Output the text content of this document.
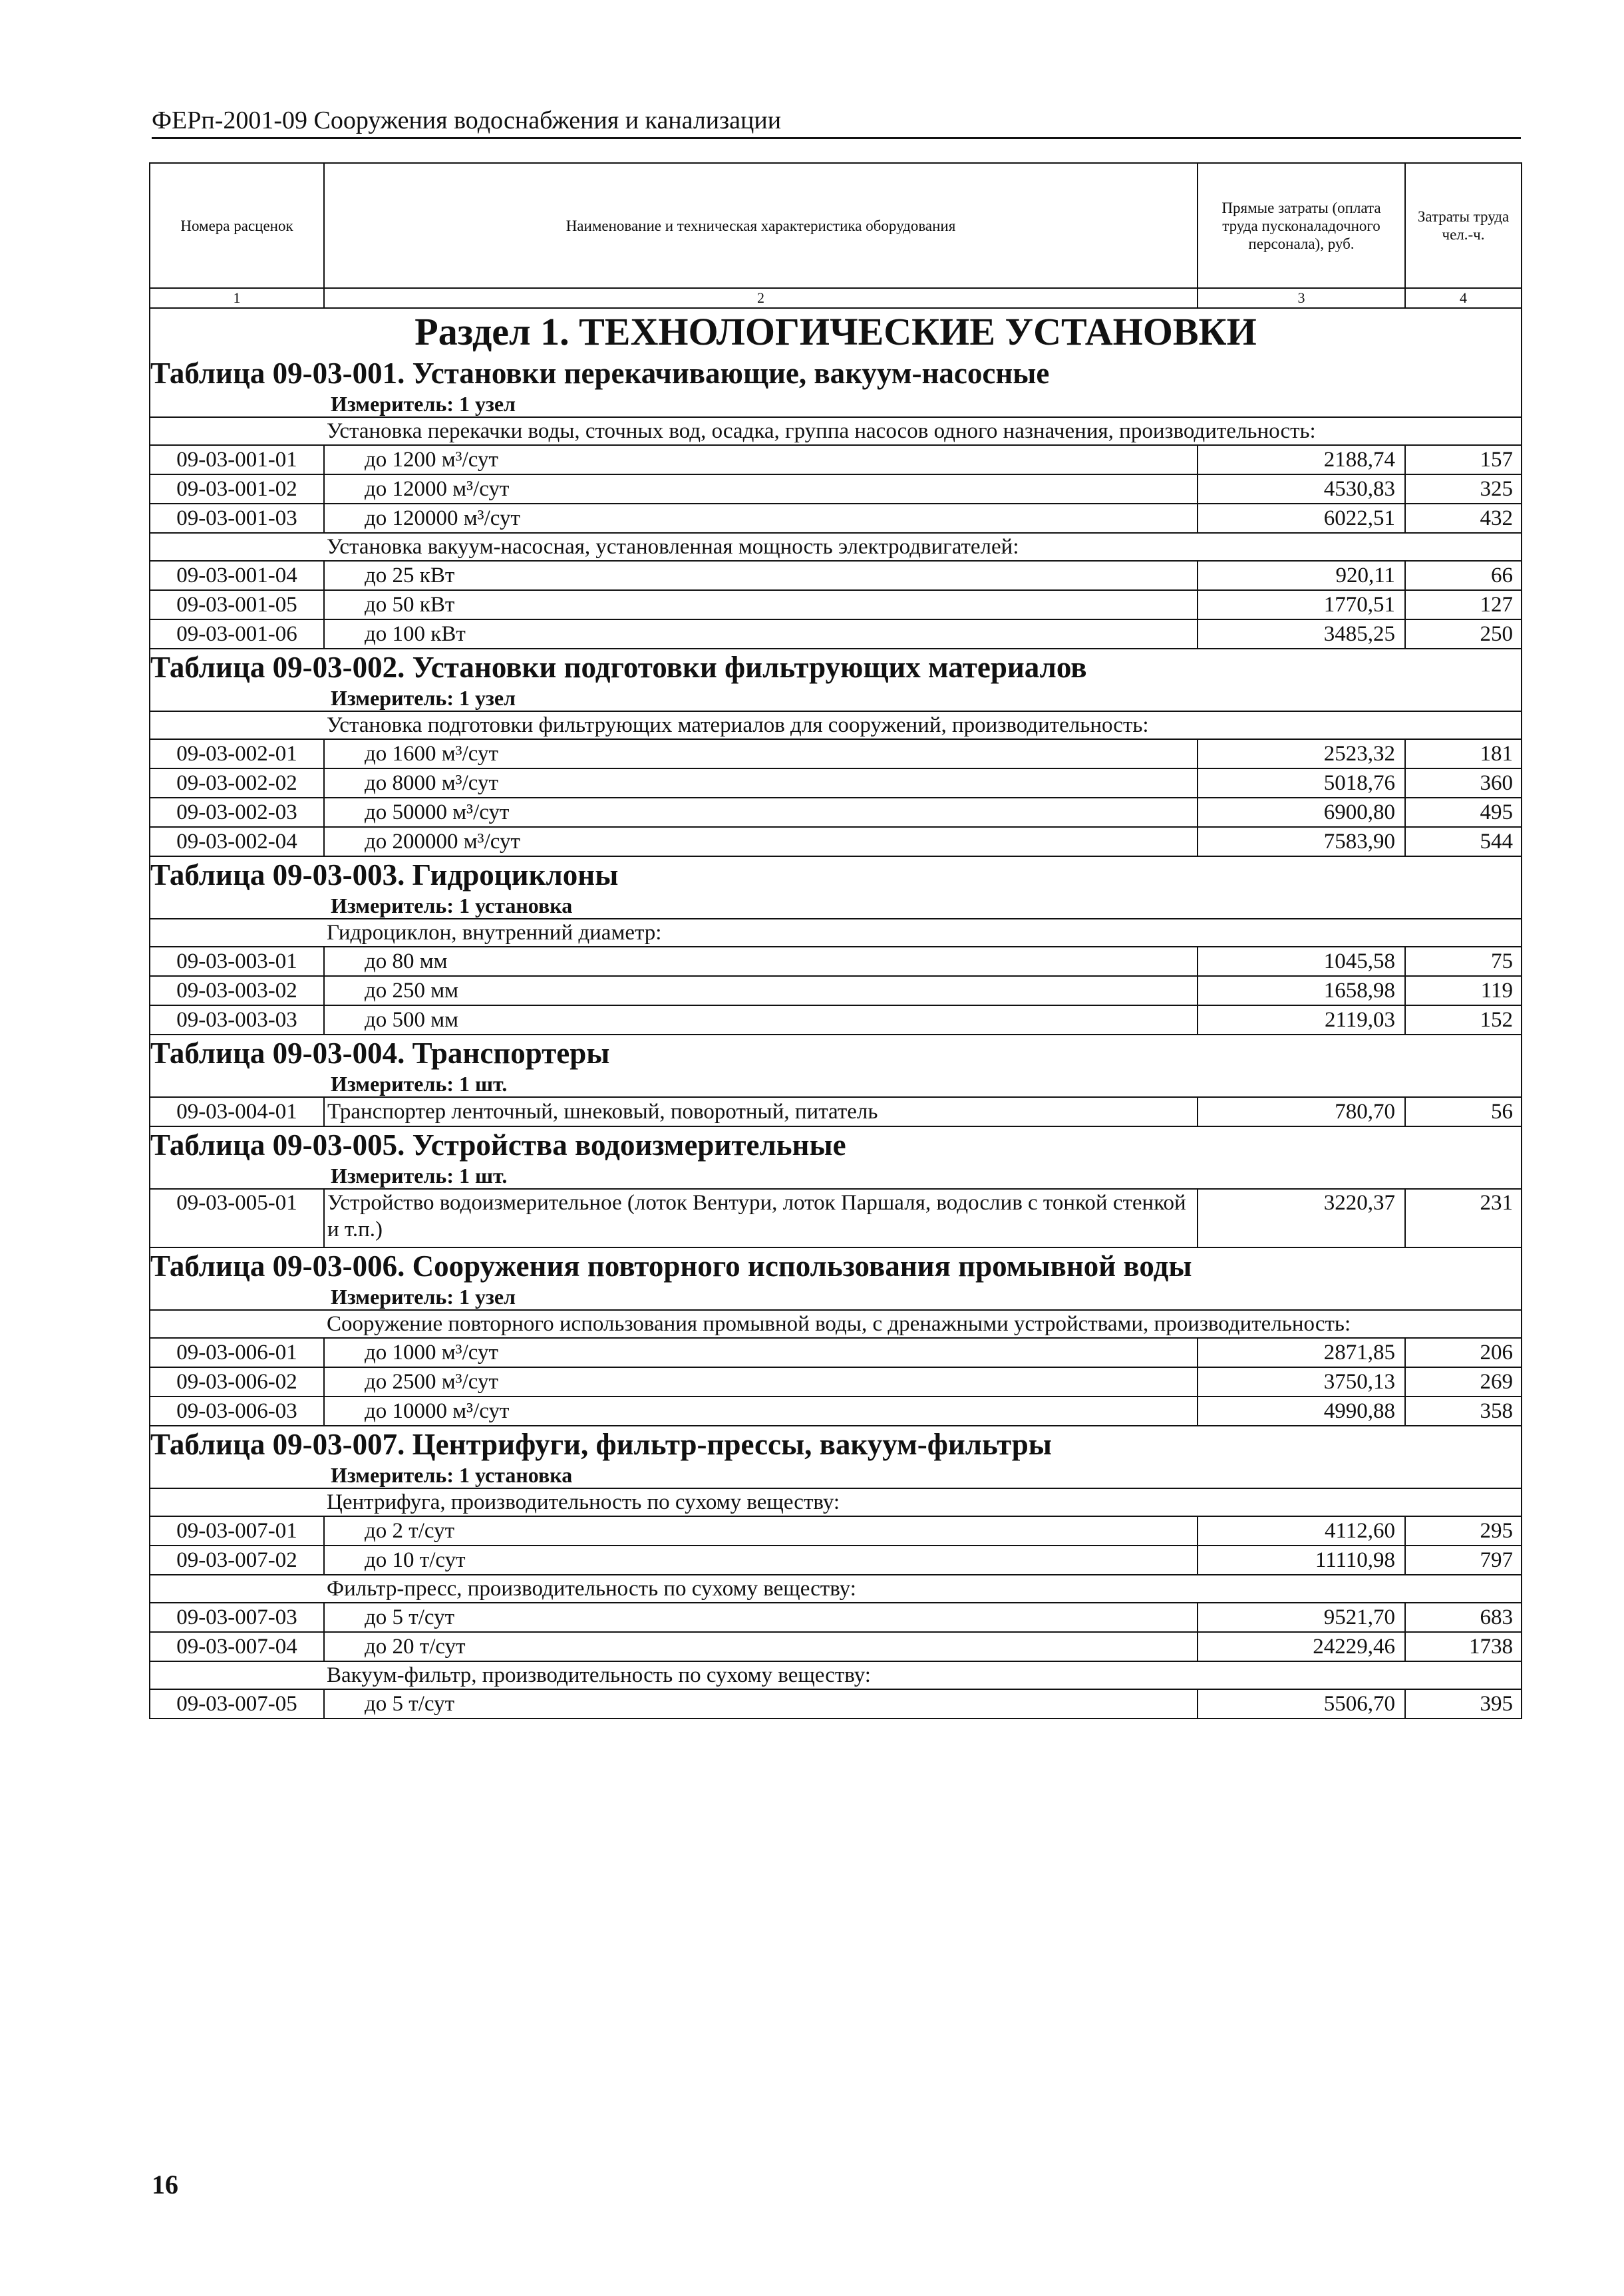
ФЕРп-2001-09 Сооружения водоснабжения и канализации
Номера расценок	Наименование и техническая характеристика оборудования	Прямые затраты (оплата труда пусконаладочного персонала), руб.	Затраты труда чел.-ч.
1	2	3	4
Раздел 1. ТЕХНОЛОГИЧЕСКИЕ УСТАНОВКИ			
Таблица 09-03-001. Установки перекачивающие, вакуум-насосные			
Измеритель: 1 узел			
	Установка перекачки воды, сточных вод, осадка, группа насосов одного назначения, производительность:		
09-03-001-01	до 1200 м³/сут	2188,74	157
09-03-001-02	до 12000 м³/сут	4530,83	325
09-03-001-03	до 120000 м³/сут	6022,51	432
	Установка вакуум-насосная, установленная мощность электродвигателей:		
09-03-001-04	до 25 кВт	920,11	66
09-03-001-05	до 50 кВт	1770,51	127
09-03-001-06	до 100 кВт	3485,25	250
Таблица 09-03-002. Установки подготовки фильтрующих материалов			
Измеритель: 1 узел			
	Установка подготовки фильтрующих материалов для сооружений, производительность:		
09-03-002-01	до 1600 м³/сут	2523,32	181
09-03-002-02	до 8000 м³/сут	5018,76	360
09-03-002-03	до 50000 м³/сут	6900,80	495
09-03-002-04	до 200000 м³/сут	7583,90	544
Таблица 09-03-003. Гидроциклоны			
Измеритель: 1 установка			
	Гидроциклон, внутренний диаметр:		
09-03-003-01	до 80 мм	1045,58	75
09-03-003-02	до 250 мм	1658,98	119
09-03-003-03	до 500 мм	2119,03	152
Таблица 09-03-004. Транспортеры			
Измеритель: 1 шт.			
09-03-004-01	Транспортер ленточный, шнековый, поворотный, питатель	780,70	56
Таблица 09-03-005. Устройства водоизмерительные			
Измеритель: 1 шт.			
09-03-005-01	Устройство водоизмерительное (лоток Вентури, лоток Паршаля, водослив с тонкой стенкой и т.п.)	3220,37	231
Таблица 09-03-006. Сооружения повторного использования промывной воды			
Измеритель: 1 узел			
	Сооружение повторного использования промывной воды, с дренажными устройствами, производительность:		
09-03-006-01	до 1000 м³/сут	2871,85	206
09-03-006-02	до 2500 м³/сут	3750,13	269
09-03-006-03	до 10000 м³/сут	4990,88	358
Таблица 09-03-007. Центрифуги, фильтр-прессы, вакуум-фильтры			
Измеритель: 1 установка			
	Центрифуга, производительность по сухому веществу:		
09-03-007-01	до 2 т/сут	4112,60	295
09-03-007-02	до 10 т/сут	11110,98	797
	Фильтр-пресс, производительность по сухому веществу:		
09-03-007-03	до 5 т/сут	9521,70	683
09-03-007-04	до 20 т/сут	24229,46	1738
	Вакуум-фильтр, производительность по сухому веществу:		
09-03-007-05	до 5 т/сут	5506,70	395
16
